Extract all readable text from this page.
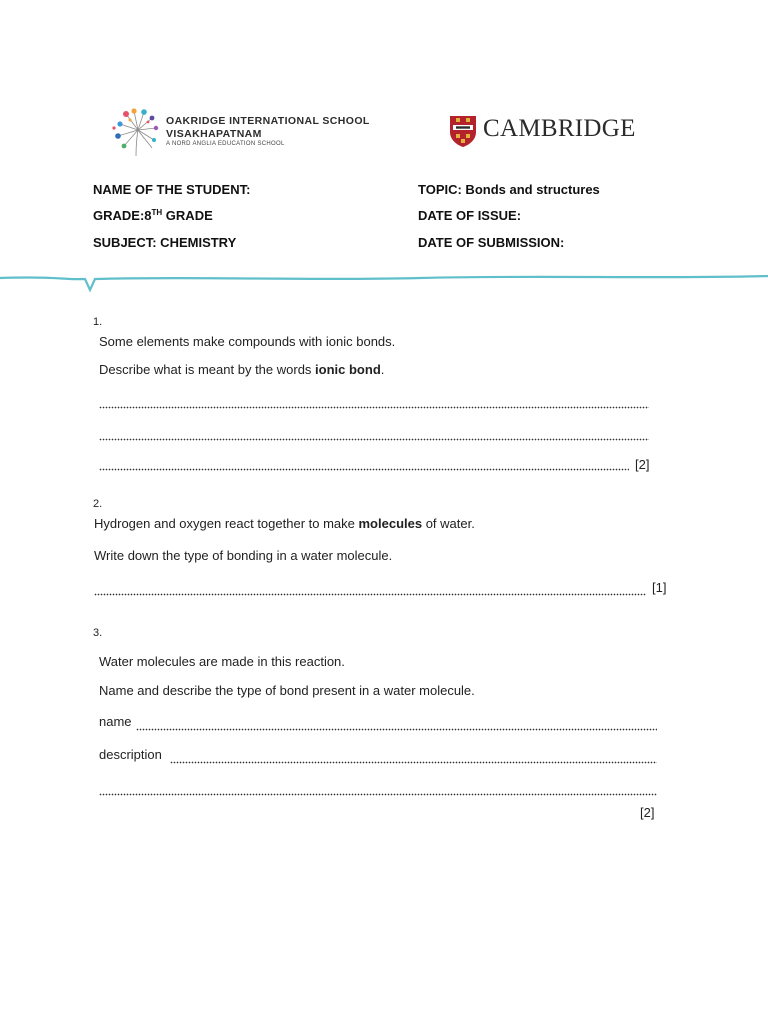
OAKRIDGE INTERNATIONAL SCHOOL
VISAKHAPATNAM
A NORD ANGLIA EDUCATION SCHOOL
CAMBRIDGE
NAME OF THE STUDENT:
GRADE:8TH GRADE
SUBJECT: CHEMISTRY
TOPIC: Bonds and structures
DATE OF ISSUE:
DATE OF SUBMISSION:
1.
Some elements make compounds with ionic bonds.
Describe what is meant by the words ionic bond.
[2]
2.
Hydrogen and oxygen react together to make molecules of water.
Write down the type of bonding in a water molecule.
[1]
3.
Water molecules are made in this reaction.
Name and describe the type of bond present in a water molecule.
name
description
[2]
